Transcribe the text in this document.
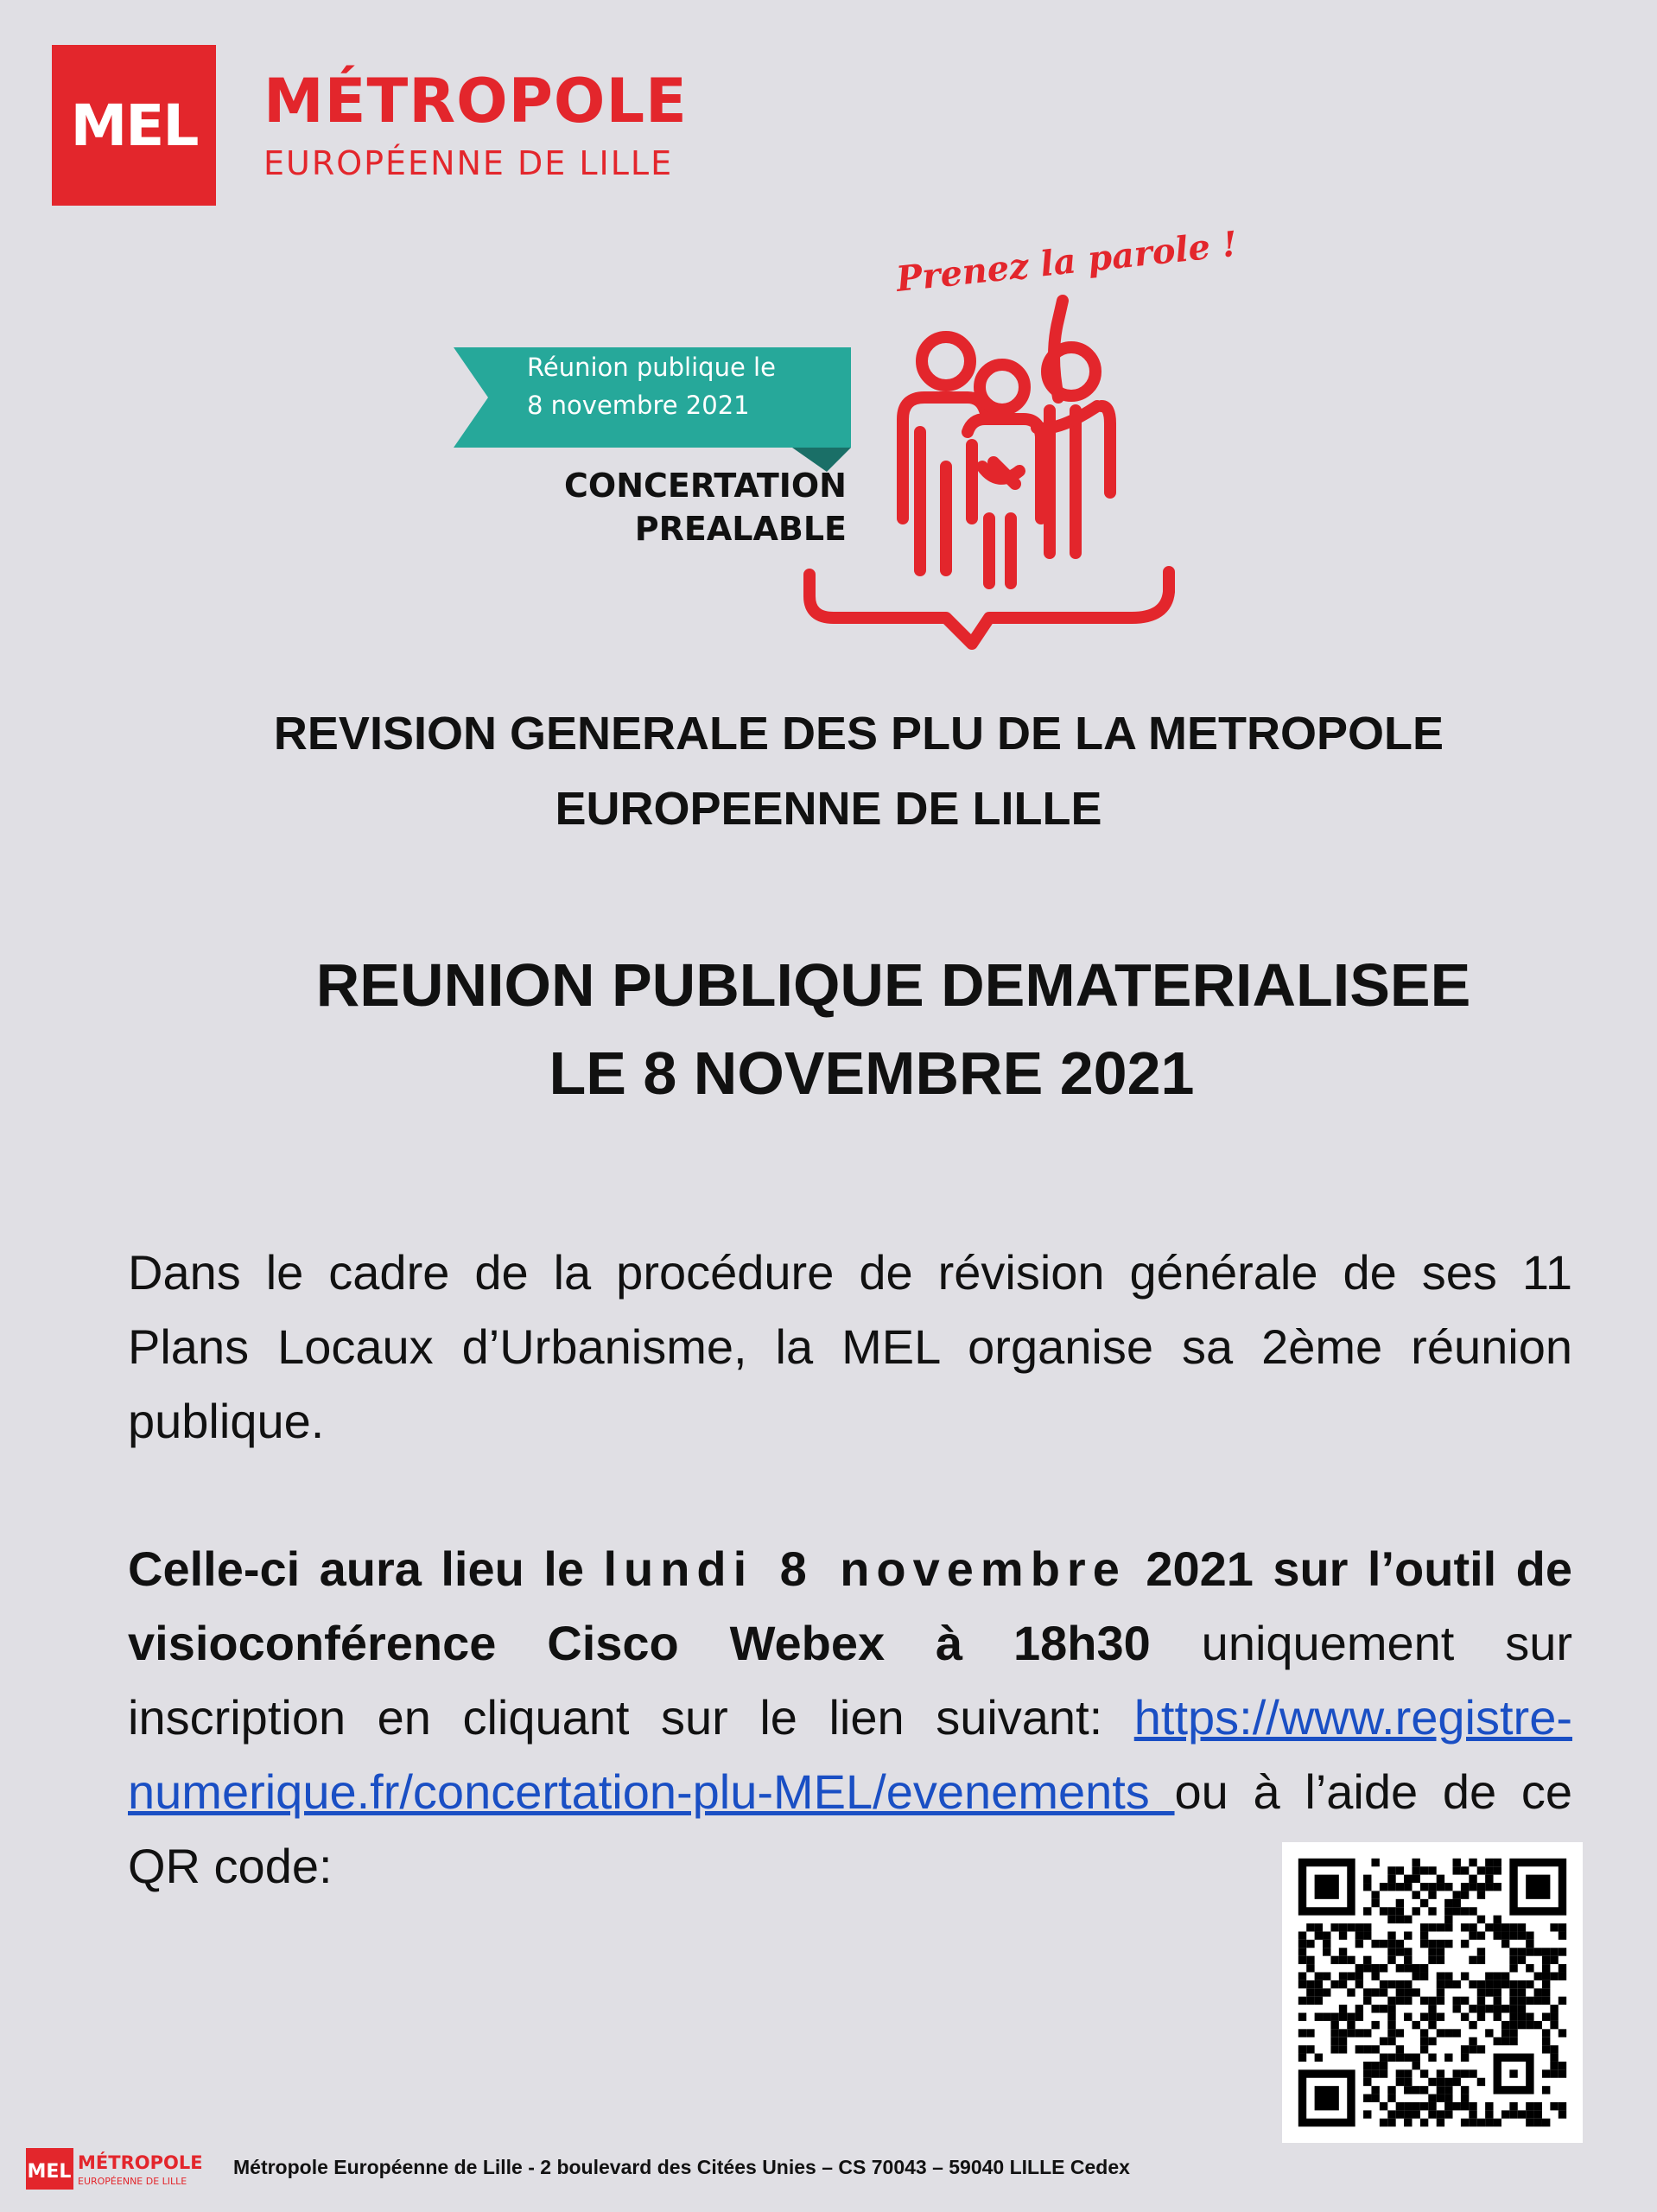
MEL MÉTROPOLE
EUROPÉENNE DE LILLE
Réunion publique le
8 novembre 2021
CONCERTATION
PREALABLE
Prenez la parole !
REVISION GENERALE DES PLU DE LA METROPOLE
EUROPEENNE DE LILLE
REUNION PUBLIQUE DEMATERIALISEE
LE 8 NOVEMBRE 2021
Dans le cadre de la procédure de révision générale de ses 11 Plans Locaux d’Urbanisme, la MEL organise sa 2ème réunion publique.
Celle-ci aura lieu le lundi 8 novembre 2021 sur l’outil de visioconférence Cisco Webex à 18h30 uniquement sur inscription en cliquant sur le lien suivant: https://www.registre-numerique.fr/concertation-plu-MEL/evenements ou à l’aide de ce QR code:
MEL MÉTROPOLE
EUROPÉENNE DE LILLE
Métropole Européenne de Lille - 2 boulevard des Citées Unies – CS 70043 – 59040 LILLE Cedex
